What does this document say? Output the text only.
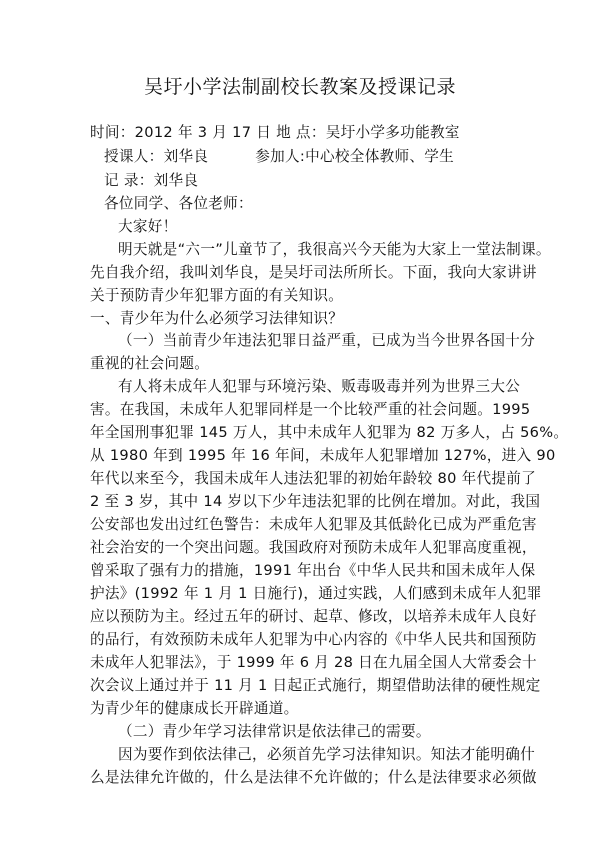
吴圩小学法制副校长教案及授课记录
时间：2012 年 3 月 17 日 地 点：吴圩小学多功能教室
授课人：刘华良	参加人:中心校全体教师、学生
记 录：刘华良
各位同学、各位老师：
大家好！
明天就是“六一”儿童节了，我很高兴今天能为大家上一堂法制课。
先自我介绍，我叫刘华良，是吴圩司法所所长。下面，我向大家讲讲
关于预防青少年犯罪方面的有关知识。
一、青少年为什么必须学习法律知识？
（一）当前青少年违法犯罪日益严重，已成为当今世界各国十分
重视的社会问题。
有人将未成年人犯罪与环境污染、贩毒吸毒并列为世界三大公
害。在我国，未成年人犯罪同样是一个比较严重的社会问题。1995
年全国刑事犯罪 145 万人，其中未成年人犯罪为 82 万多人，占 56%。
从 1980 年到 1995 年 16 年间，未成年人犯罪增加 127%，进入 90
年代以来至今，我国未成年人违法犯罪的初始年龄较 80 年代提前了
2 至 3 岁，其中 14 岁以下少年违法犯罪的比例在增加。对此，我国
公安部也发出过红色警告：未成年人犯罪及其低龄化已成为严重危害
社会治安的一个突出问题。我国政府对预防未成年人犯罪高度重视，
曾采取了强有力的措施，1991 年出台《中华人民共和国未成年人保
护法》(1992 年 1 月 1 日施行)，通过实践，人们感到未成年人犯罪
应以预防为主。经过五年的研讨、起草、修改，以培养未成年人良好
的品行，有效预防未成年人犯罪为中心内容的《中华人民共和国预防
未成年人犯罪法》，于 1999 年 6 月 28 日在九届全国人大常委会十
次会议上通过并于 11 月 1 日起正式施行，期望借助法律的硬性规定
为青少年的健康成长开辟通道。
（二）青少年学习法律常识是依法律己的需要。
因为要作到依法律己，必须首先学习法律知识。知法才能明确什
么是法律允许做的，什么是法律不允许做的；什么是法律要求必须做
